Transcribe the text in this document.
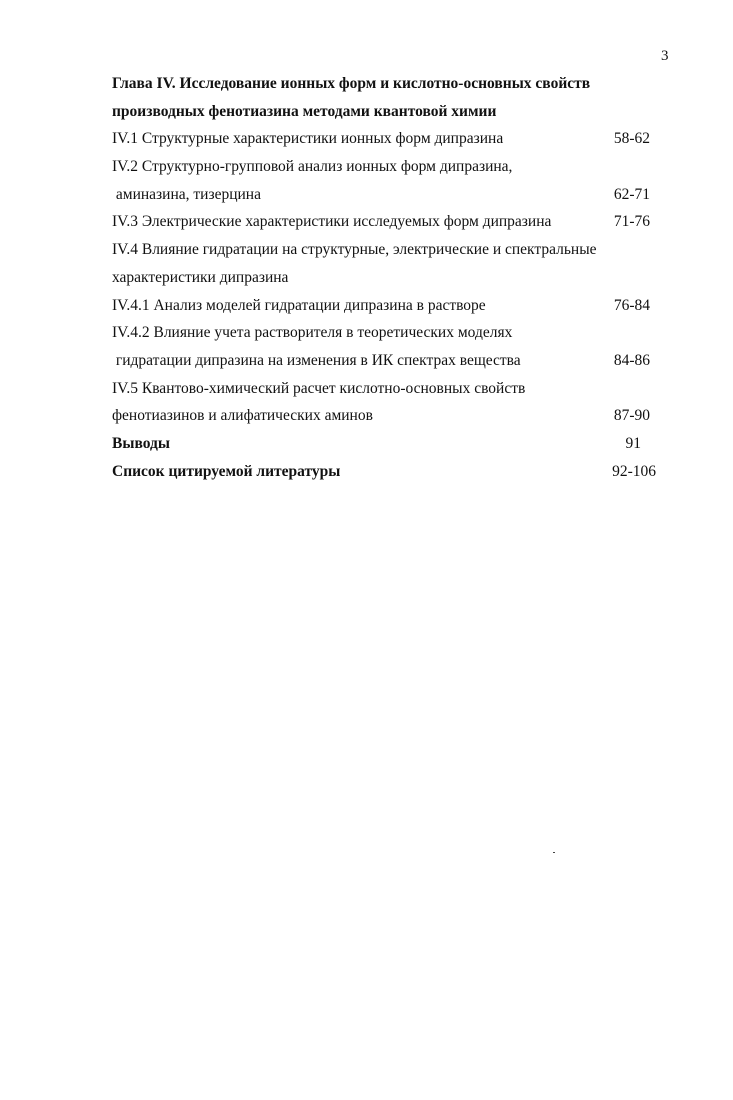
3
Глава IV. Исследование ионных форм и кислотно-основных свойств
производных фенотиазина методами квантовой химии
IV.1 Структурные характеристики ионных форм дипразина	58-62
IV.2 Структурно-групповой анализ ионных форм дипразина,
аминазина, тизерцина	62-71
IV.3 Электрические характеристики исследуемых форм дипразина	71-76
IV.4 Влияние гидратации на структурные, электрические и спектральные
характеристики дипразина
IV.4.1 Анализ моделей гидратации дипразина в растворе	76-84
IV.4.2 Влияние учета растворителя в теоретических моделях
гидратации дипразина на изменения в ИК спектрах вещества	84-86
IV.5 Квантово-химический расчет кислотно-основных свойств
фенотиазинов и алифатических аминов	87-90
Выводы	91
Список цитируемой литературы	92-106
